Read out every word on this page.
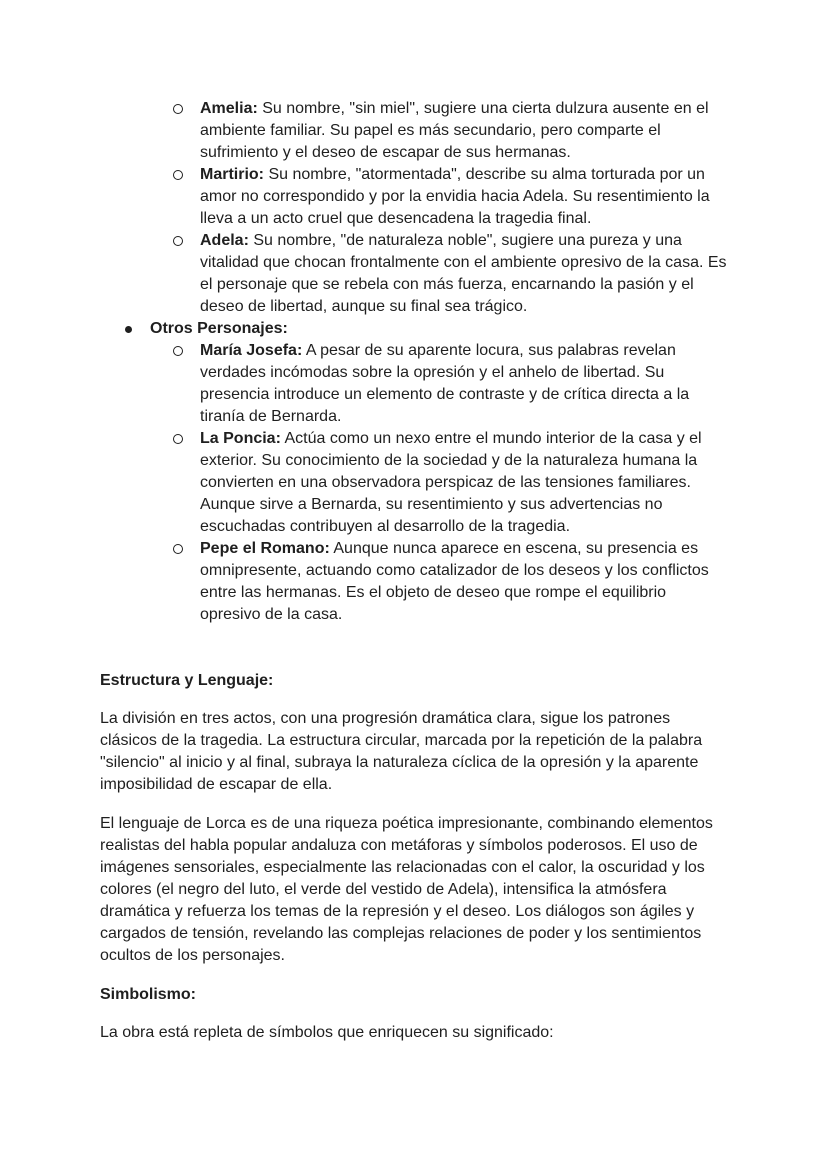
Amelia: Su nombre, "sin miel", sugiere una cierta dulzura ausente en el ambiente familiar. Su papel es más secundario, pero comparte el sufrimiento y el deseo de escapar de sus hermanas.
Martirio: Su nombre, "atormentada", describe su alma torturada por un amor no correspondido y por la envidia hacia Adela. Su resentimiento la lleva a un acto cruel que desencadena la tragedia final.
Adela: Su nombre, "de naturaleza noble", sugiere una pureza y una vitalidad que chocan frontalmente con el ambiente opresivo de la casa. Es el personaje que se rebela con más fuerza, encarnando la pasión y el deseo de libertad, aunque su final sea trágico.
Otros Personajes:
María Josefa: A pesar de su aparente locura, sus palabras revelan verdades incómodas sobre la opresión y el anhelo de libertad. Su presencia introduce un elemento de contraste y de crítica directa a la tiranía de Bernarda.
La Poncia: Actúa como un nexo entre el mundo interior de la casa y el exterior. Su conocimiento de la sociedad y de la naturaleza humana la convierten en una observadora perspicaz de las tensiones familiares. Aunque sirve a Bernarda, su resentimiento y sus advertencias no escuchadas contribuyen al desarrollo de la tragedia.
Pepe el Romano: Aunque nunca aparece en escena, su presencia es omnipresente, actuando como catalizador de los deseos y los conflictos entre las hermanas. Es el objeto de deseo que rompe el equilibrio opresivo de la casa.
Estructura y Lenguaje:
La división en tres actos, con una progresión dramática clara, sigue los patrones clásicos de la tragedia. La estructura circular, marcada por la repetición de la palabra "silencio" al inicio y al final, subraya la naturaleza cíclica de la opresión y la aparente imposibilidad de escapar de ella.
El lenguaje de Lorca es de una riqueza poética impresionante, combinando elementos realistas del habla popular andaluza con metáforas y símbolos poderosos. El uso de imágenes sensoriales, especialmente las relacionadas con el calor, la oscuridad y los colores (el negro del luto, el verde del vestido de Adela), intensifica la atmósfera dramática y refuerza los temas de la represión y el deseo. Los diálogos son ágiles y cargados de tensión, revelando las complejas relaciones de poder y los sentimientos ocultos de los personajes.
Simbolismo:
La obra está repleta de símbolos que enriquecen su significado:
